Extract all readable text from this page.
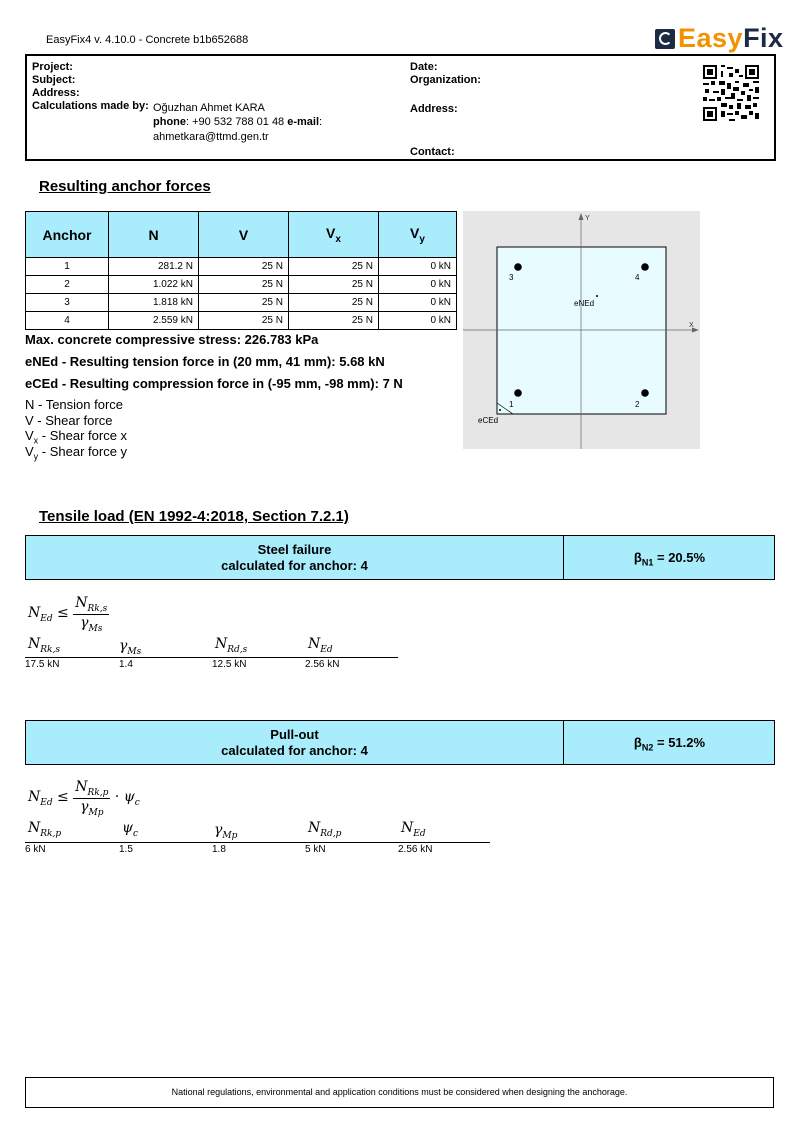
EasyFix4 v. 4.10.0 - Concrete b1b652688	EasyFix
Project:
Subject:
Address:
Calculations made by: Oğuzhan Ahmet KARA
phone: +90 532 788 01 48 e-mail:
ahmetkara@ttmd.gen.tr
Date:
Organization:
Address:
Contact:
Resulting anchor forces
Anchor	N	V	$V_x$	$V_y$
1	281.2 N	25 N	25 N	0 kN
2	1.022 kN	25 N	25 N	0 kN
3	1.818 kN	25 N	25 N	0 kN
4	2.559 kN	25 N	25 N	0 kN
Max. concrete compressive stress: 226.783 kPa
eNEd - Resulting tension force in (20 mm, 41 mm): 5.68 kN
eCEd - Resulting compression force in (-95 mm, -98 mm): 7 N
N - Tension force
V - Shear force
$V_x$ - Shear force x
$V_y$ - Shear force y
Y
X
3	4
1	2
eNEd
eCEd
Tensile load (EN 1992-4:2018, Section 7.2.1)
Steel failure
calculated for anchor: 4
$\beta_{N1} = 20.5\%$
$N_{Ed} \le \frac{N_{Rk,s}}{\gamma_{Ms}}$
$N_{Rk,s}$	$\gamma_{Ms}$	$N_{Rd,s}$	$N_{Ed}$
17.5 kN	1.4	12.5 kN	2.56 kN
Pull-out
calculated for anchor: 4
$\beta_{N2} = 51.2\%$
$N_{Ed} \le \frac{N_{Rk,p}}{\gamma_{Mp}} \cdot \psi_c$
$N_{Rk,p}$	$\psi_c$	$\gamma_{Mp}$	$N_{Rd,p}$	$N_{Ed}$
6 kN	1.5	1.8	5 kN	2.56 kN
National regulations, environmental and application conditions must be considered when designing the anchorage.
